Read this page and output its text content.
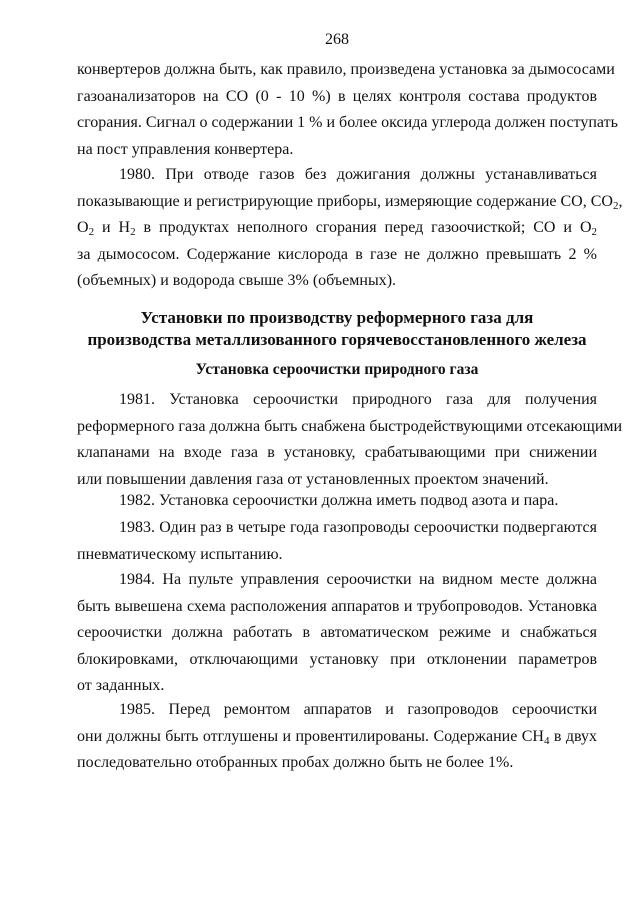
268
конвертеров должна быть, как правило, произведена установка за дымососами
газоанализаторов на СО (0 - 10 %) в целях контроля состава продуктов
сгорания. Сигнал о содержании 1 % и более оксида углерода должен поступать
на пост управления конвертера.
1980. При отводе газов без дожигания должны устанавливаться
показывающие и регистрирующие приборы, измеряющие содержание СО, $СО_2$,
$О_2$ и $Н_2$ в продуктах неполного сгорания перед газоочисткой; СО и $О_2$
за дымососом. Содержание кислорода в газе не должно превышать 2 %
(объемных) и водорода свыше 3% (объемных).
Установки по производству реформерного газа для
производства металлизованного горячевосстановленного железа
Установка сероочистки природного газа
1981. Установка сероочистки природного газа для получения
реформерного газа должна быть снабжена быстродействующими отсекающими
клапанами на входе газа в установку, срабатывающими при снижении
или повышении давления газа от установленных проектом значений.
1982. Установка сероочистки должна иметь подвод азота и пара.
1983. Один раз в четыре года газопроводы сероочистки подвергаются
пневматическому испытанию.
1984. На пульте управления сероочистки на видном месте должна
быть вывешена схема расположения аппаратов и трубопроводов. Установка
сероочистки должна работать в автоматическом режиме и снабжаться
блокировками, отключающими установку при отклонении параметров
от заданных.
1985. Перед ремонтом аппаратов и газопроводов сероочистки
они должны быть отглушены и провентилированы. Содержание $СН_4$ в двух
последовательно отобранных пробах должно быть не более 1%.
